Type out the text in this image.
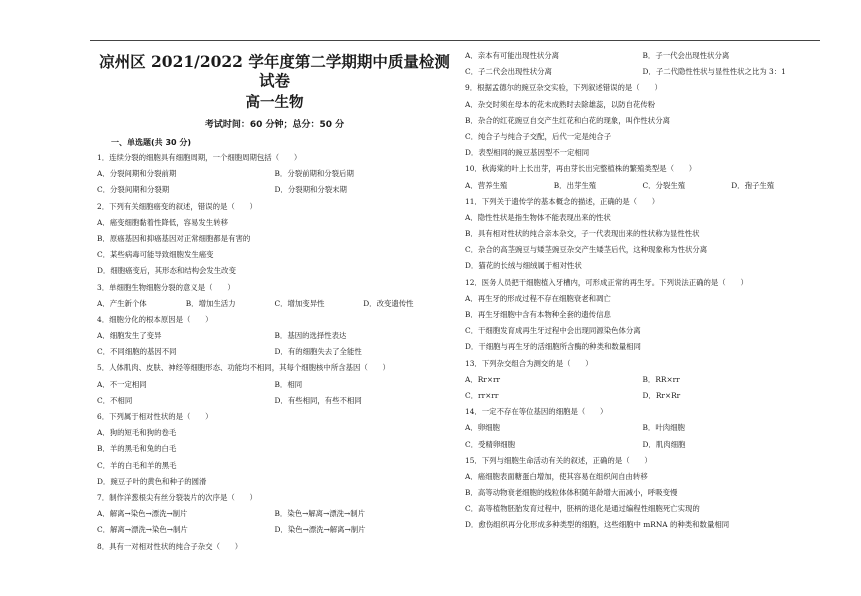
凉州区 2021/2022 学年度第二学期期中质量检测试卷
高一生物
考试时间：60 分钟；总分：50 分
一、单选题(共 30 分)
1．连续分裂的细胞具有细胞周期，一个细胞周期包括（　　）
A．分裂间期和分裂前期	B．分裂前期和分裂后期
C．分裂间期和分裂期	D．分裂期和分裂末期
2．下列有关细胞癌变的叙述，错误的是（　　）
A．癌变细胞黏着性降低，容易发生转移
B．原癌基因和抑癌基因对正常细胞都是有害的
C．某些病毒可能导致细胞发生癌变
D．细胞癌变后，其形态和结构会发生改变
3．单细胞生物细胞分裂的意义是（　　）
A．产生新个体	B．增加生活力	C．增加变异性	D．改变遗传性
4．细胞分化的根本原因是（　　）
A．细胞发生了变异	B．基因的选择性表达
C．不同细胞的基因不同	D．有的细胞失去了全能性
5．人体肌肉、皮肤、神经等细胞形态、功能均不相同，其每个细胞核中所含基因（　　）
A．不一定相同	B．相同
C．不相同	D．有些相同，有些不相同
6．下列属于相对性状的是（　　）
A．狗的短毛和狗的卷毛
B．羊的黑毛和兔的白毛
C．羊的白毛和羊的黑毛
D．豌豆子叶的黄色和种子的圆滑
7．制作洋葱根尖有丝分裂装片的次序是（　　）
A．解离→染色→漂洗→制片	B．染色→解离→漂洗→制片
C．解离→漂洗→染色→制片	D．染色→漂洗→解离→制片
8．具有一对相对性状的纯合子杂交（　　）
A．亲本有可能出现性状分离	B．子一代会出现性状分离
C．子二代会出现性状分离	D．子二代隐性性状与显性性状之比为 3：1
9．根据孟德尔的豌豆杂交实验，下列叙述错误的是（　　）
A．杂交时须在母本的花未成熟时去除雄蕊，以防自花传粉
B．杂合的红花豌豆自交产生红花和白花的现象，叫作性状分离
C．纯合子与纯合子交配，后代一定是纯合子
D．表型相同的豌豆基因型不一定相同
10．秋海棠的叶上长出芽，再由芽长出完整植株的繁殖类型是（　　）
A．营养生殖	B．出芽生殖	C．分裂生殖	D．孢子生殖
11．下列关于遗传学的基本概念的描述，正确的是（　　）
A．隐性性状是指生物体不能表现出来的性状
B．具有相对性状的纯合亲本杂交，子一代表现出来的性状称为显性性状
C．杂合的高茎豌豆与矮茎豌豆杂交产生矮茎后代，这种现象称为性状分离
D．猫花的长绒与细绒属于相对性状
12．医务人员把干细胞植入牙槽内，可形成正常的再生牙。下列说法正确的是（　　）
A．再生牙的形成过程不存在细胞衰老和凋亡
B．再生牙细胞中含有本物种全套的遗传信息
C．干细胞发育成再生牙过程中会出现同源染色体分离
D．干细胞与再生牙的活细胞所含酶的种类和数量相同
13．下列杂交组合为测交的是（　　）
A．Rr×rr	B．RR×rr
C．rr×rr	D．Rr×Rr
14．一定不存在等位基因的细胞是（　　）
A．卵细胞	B．叶肉细胞
C．受精卵细胞	D．肌肉细胞
15．下列与细胞生命活动有关的叙述，正确的是（　　）
A．癌细胞表面糖蛋白增加，使其容易在组织间自由转移
B．高等动物衰老细胞的线粒体体积随年龄增大而减小，呼吸变慢
C．高等植物胚胎发育过程中，胚柄的退化是通过编程性细胞死亡实现的
D．愈伤组织再分化形成多种类型的细胞，这些细胞中 mRNA 的种类和数量相同
